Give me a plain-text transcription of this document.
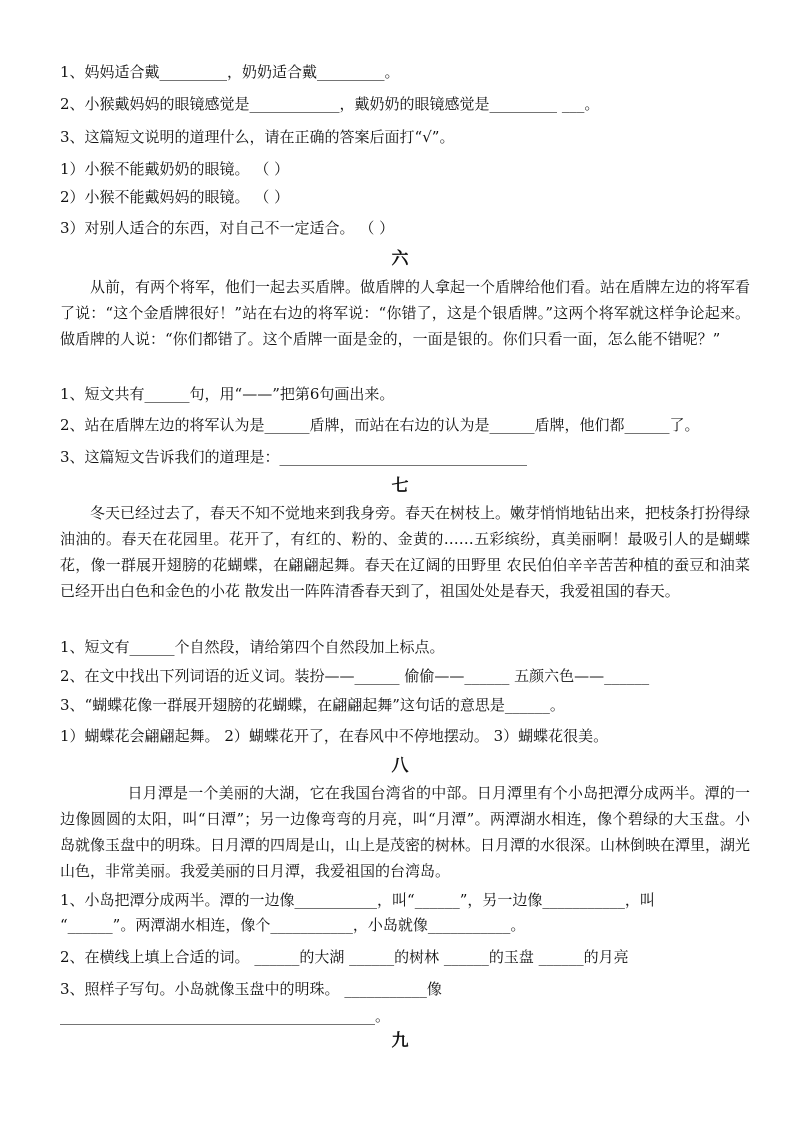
1、妈妈适合戴_________，奶奶适合戴_________。
2、小猴戴妈妈的眼镜感觉是____________，戴奶奶的眼镜感觉是_________ ___。
3、这篇短文说明的道理什么，请在正确的答案后面打“√”。
1）小猴不能戴奶奶的眼镜。 （ ）
2）小猴不能戴妈妈的眼镜。 （ ）
3）对别人适合的东西，对自己不一定适合。 （ ）
六
从前，有两个将军，他们一起去买盾牌。做盾牌的人拿起一个盾牌给他们看。站在盾牌左边的将军看了说：“这个金盾牌很好！”站在右边的将军说：“你错了，这是个银盾牌。”这两个将军就这样争论起来。做盾牌的人说：“你们都错了。这个盾牌一面是金的，一面是银的。你们只看一面，怎么能不错呢？”
1、短文共有______句，用“——”把第6句画出来。
2、站在盾牌左边的将军认为是______盾牌，而站在右边的认为是______盾牌，他们都______了。
3、这篇短文告诉我们的道理是：_________________________________
七
冬天已经过去了，春天不知不觉地来到我身旁。春天在树枝上。嫩芽悄悄地钻出来，把枝条打扮得绿油油的。春天在花园里。花开了，有红的、粉的、金黄的……五彩缤纷，真美丽啊！最吸引人的是蝴蝶花，像一群展开翅膀的花蝴蝶，在翩翩起舞。春天在辽阔的田野里 农民伯伯辛辛苦苦种植的蚕豆和油菜 已经开出白色和金色的小花 散发出一阵阵清香春天到了，祖国处处是春天，我爱祖国的春天。
1、短文有______个自然段，请给第四个自然段加上标点。
2、在文中找出下列词语的近义词。装扮——______ 偷偷——______ 五颜六色——______
3、“蝴蝶花像一群展开翅膀的花蝴蝶，在翩翩起舞”这句话的意思是______。
1）蝴蝶花会翩翩起舞。 2）蝴蝶花开了，在春风中不停地摆动。 3）蝴蝶花很美。
八
日月潭是一个美丽的大湖，它在我国台湾省的中部。日月潭里有个小岛把潭分成两半。潭的一边像圆圆的太阳，叫“日潭”；另一边像弯弯的月亮，叫“月潭”。两潭湖水相连，像个碧绿的大玉盘。小岛就像玉盘中的明珠。日月潭的四周是山，山上是茂密的树林。日月潭的水很深。山林倒映在潭里，湖光山色，非常美丽。我爱美丽的日月潭，我爱祖国的台湾岛。
1、小岛把潭分成两半。潭的一边像___________，叫“______”，另一边像___________，叫
“______”。两潭湖水相连，像个___________，小岛就像___________。
2、在横线上填上合适的词。 ______的大湖 ______的树林 ______的玉盘 ______的月亮
3、照样子写句。小岛就像玉盘中的明珠。 ___________像
__________________________________________。
九
